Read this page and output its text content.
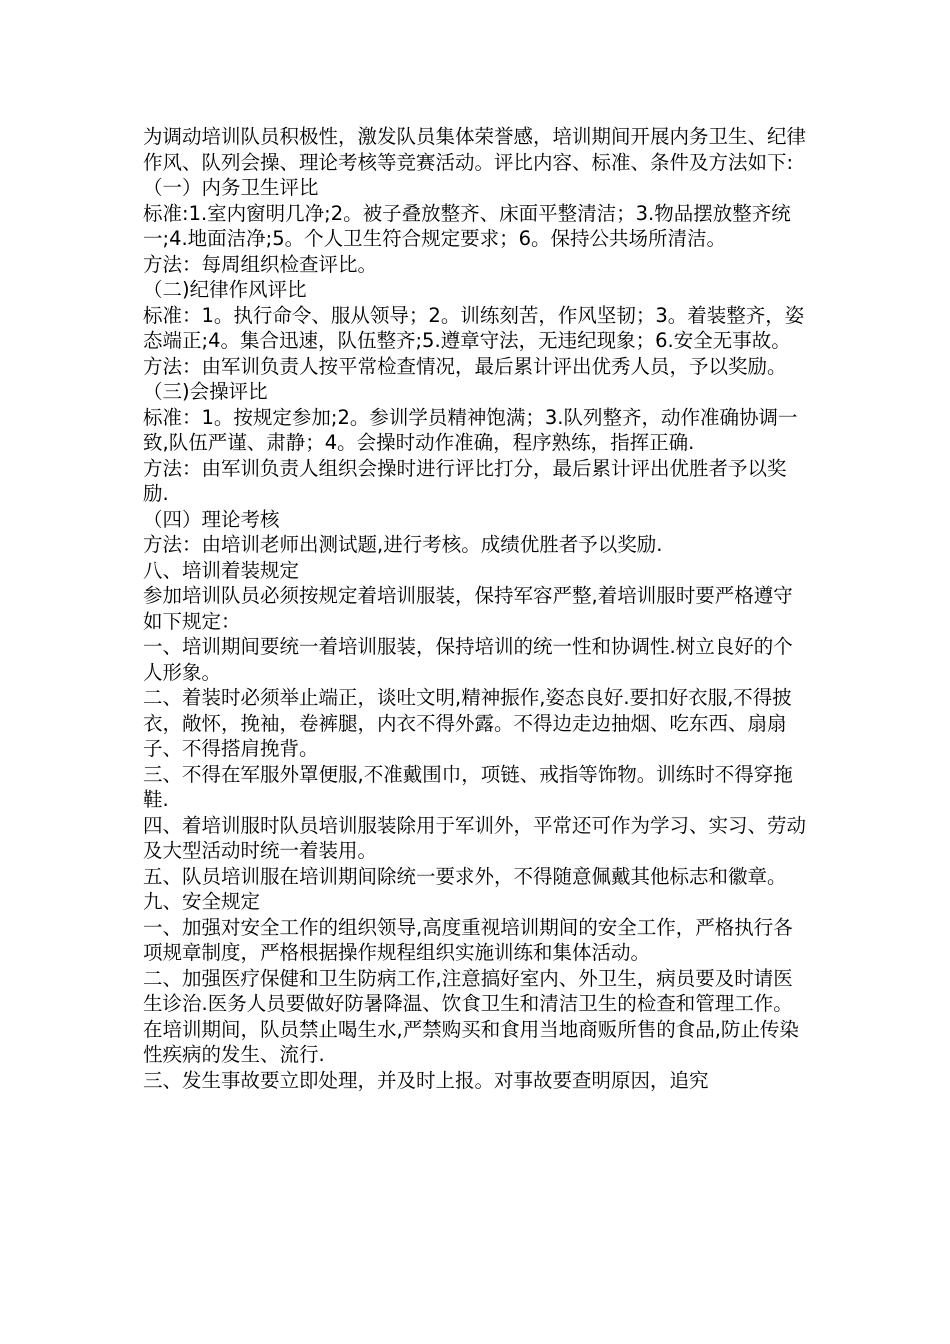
为调动培训队员积极性，激发队员集体荣誉感，培训期间开展内务卫生、纪律作风、队列会操、理论考核等竞赛活动。评比内容、标准、条件及方法如下:

（一）内务卫生评比

标准:1.室内窗明几净;2。被子叠放整齐、床面平整清洁；3.物品摆放整齐统一;4.地面洁净;5。个人卫生符合规定要求；6。保持公共场所清洁。

方法：每周组织检查评比。

（二)纪律作风评比

标准：1。执行命令、服从领导；2。训练刻苦，作风坚韧；3。着装整齐，姿态端正;4。集合迅速，队伍整齐;5.遵章守法，无违纪现象；6.安全无事故。

方法：由军训负责人按平常检查情况，最后累计评出优秀人员，予以奖励。

（三)会操评比

标准：1。按规定参加;2。参训学员精神饱满；3.队列整齐，动作准确协调一致,队伍严谨、肃静；4。会操时动作准确，程序熟练，指挥正确.

方法：由军训负责人组织会操时进行评比打分，最后累计评出优胜者予以奖励.

（四）理论考核

方法：由培训老师出测试题,进行考核。成绩优胜者予以奖励.

八、培训着装规定

参加培训队员必须按规定着培训服装，保持军容严整,着培训服时要严格遵守如下规定：

一、培训期间要统一着培训服装，保持培训的统一性和协调性.树立良好的个人形象。

二、着装时必须举止端正，谈吐文明,精神振作,姿态良好.要扣好衣服,不得披衣，敞怀，挽袖，卷裤腿，内衣不得外露。不得边走边抽烟、吃东西、扇扇子、不得搭肩挽背。

三、不得在军服外罩便服,不准戴围巾，项链、戒指等饰物。训练时不得穿拖鞋.

四、着培训服时队员培训服装除用于军训外，平常还可作为学习、实习、劳动及大型活动时统一着装用。

五、队员培训服在培训期间除统一要求外，不得随意佩戴其他标志和徽章。

九、安全规定

一、加强对安全工作的组织领导,高度重视培训期间的安全工作，严格执行各项规章制度，严格根据操作规程组织实施训练和集体活动。

二、加强医疗保健和卫生防病工作,注意搞好室内、外卫生，病员要及时请医生诊治.医务人员要做好防暑降温、饮食卫生和清洁卫生的检查和管理工作。在培训期间，队员禁止喝生水,严禁购买和食用当地商贩所售的食品,防止传染性疾病的发生、流行.

三、发生事故要立即处理，并及时上报。对事故要查明原因，追究
